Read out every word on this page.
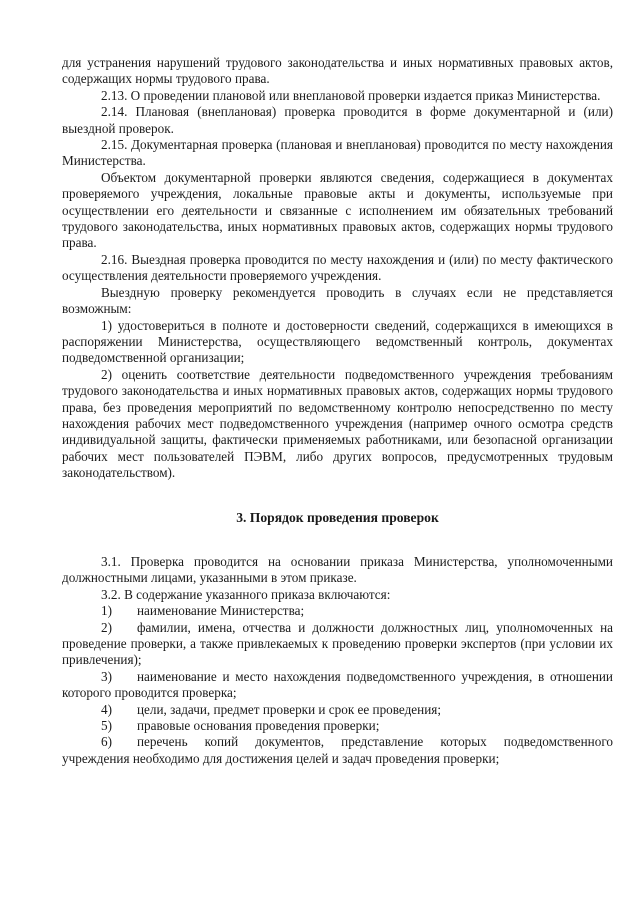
для устранения нарушений трудового законодательства и иных нормативных правовых актов, содержащих нормы трудового права.

2.13. О проведении плановой или внеплановой проверки издается приказ Министерства.

2.14. Плановая (внеплановая) проверка проводится в форме документарной и (или) выездной проверок.

2.15. Документарная проверка (плановая и внеплановая) проводится по месту нахождения Министерства.

Объектом документарной проверки являются сведения, содержащиеся в документах проверяемого учреждения, локальные правовые акты и документы, используемые при осуществлении его деятельности и связанные с исполнением им обязательных требований трудового законодательства, иных нормативных правовых актов, содержащих нормы трудового права.

2.16. Выездная проверка проводится по месту нахождения и (или) по месту фактического осуществления деятельности проверяемого учреждения.

Выездную проверку рекомендуется проводить в случаях если не представляется возможным:

1) удостовериться в полноте и достоверности сведений, содержащихся в имеющихся в распоряжении Министерства, осуществляющего ведомственный контроль, документах подведомственной организации;

2) оценить соответствие деятельности подведомственного учреждения требованиям трудового законодательства и иных нормативных правовых актов, содержащих нормы трудового права, без проведения мероприятий по ведомственному контролю непосредственно по месту нахождения рабочих мест подведомственного учреждения (например очного осмотра средств индивидуальной защиты, фактически применяемых работниками, или безопасной организации рабочих мест пользователей ПЭВМ, либо других вопросов, предусмотренных трудовым законодательством).

3. Порядок проведения проверок

3.1. Проверка проводится на основании приказа Министерства, уполномоченными должностными лицами, указанными в этом приказе.

3.2. В содержание указанного приказа включаются:

1) наименование Министерства;

2) фамилии, имена, отчества и должности должностных лиц, уполномоченных на проведение проверки, а также привлекаемых к проведению проверки экспертов (при условии их привлечения);

3) наименование и место нахождения подведомственного учреждения, в отношении которого проводится проверка;

4) цели, задачи, предмет проверки и срок ее проведения;

5) правовые основания проведения проверки;

6) перечень копий документов, представление которых подведомственного учреждения необходимо для достижения целей и задач проведения проверки;
